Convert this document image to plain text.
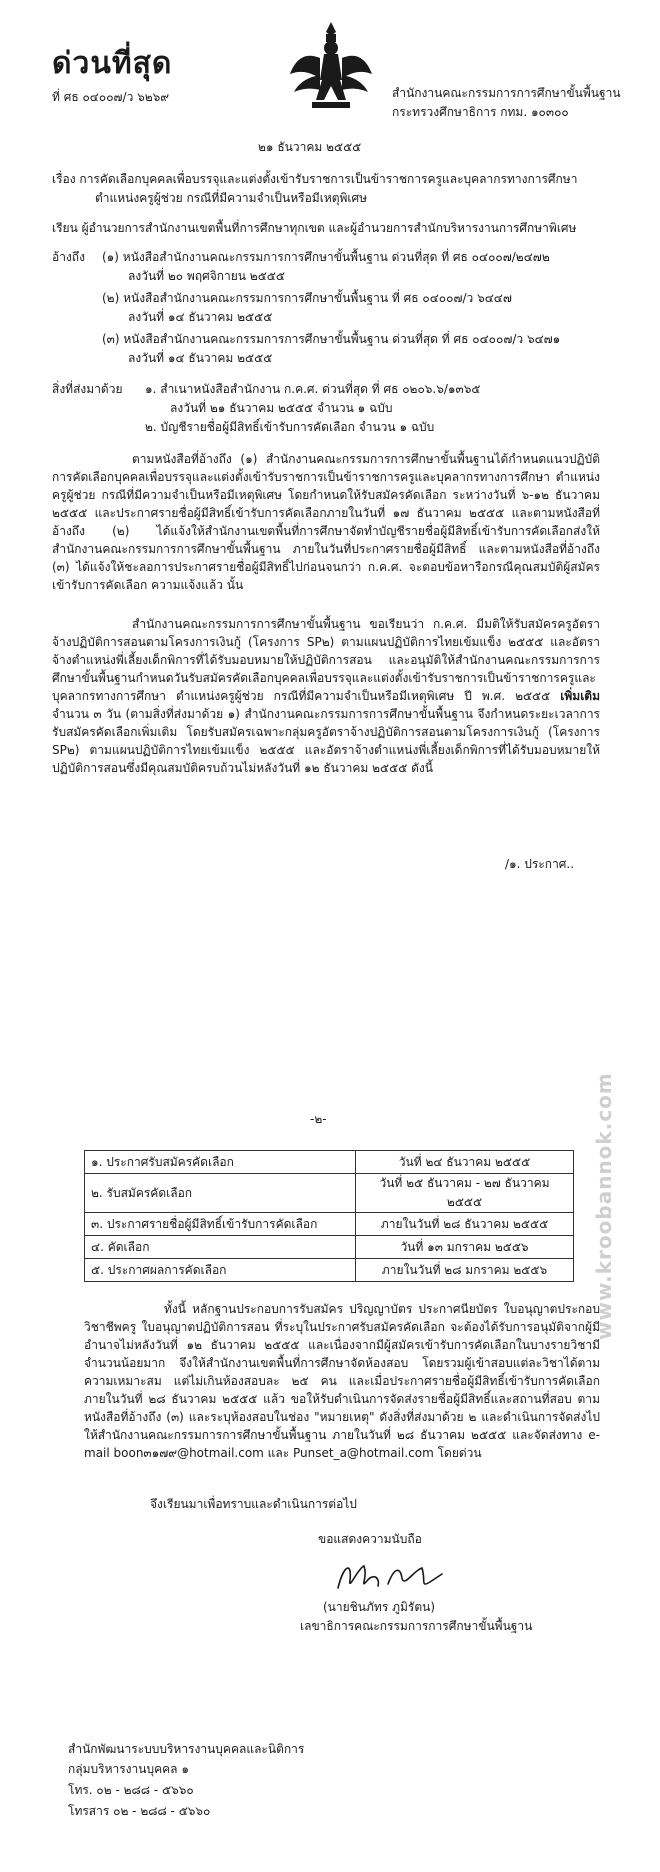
ด่วนที่สุด
ที่ ศธ ๐๔๐๐๗/ว ๖๒๖๙	สำนักงานคณะกรรมการการศึกษาขั้นพื้นฐาน
กระทรวงศึกษาธิการ กทม. ๑๐๓๐๐
๒๑ ธันวาคม ๒๕๕๕
เรื่อง การคัดเลือกบุคคลเพื่อบรรจุและแต่งตั้งเข้ารับราชการเป็นข้าราชการครูและบุคลากรทางการศึกษา
ตำแหน่งครูผู้ช่วย กรณีที่มีความจำเป็นหรือมีเหตุพิเศษ
เรียน ผู้อำนวยการสำนักงานเขตพื้นที่การศึกษาทุกเขต และผู้อำนวยการสำนักบริหารงานการศึกษาพิเศษ
อ้างถึง (๑) หนังสือสำนักงานคณะกรรมการการศึกษาขั้นพื้นฐาน ด่วนที่สุด ที่ ศธ ๐๔๐๐๗/๒๔๗๒
ลงวันที่ ๒๐ พฤศจิกายน ๒๕๕๕
(๒) หนังสือสำนักงานคณะกรรมการการศึกษาขั้นพื้นฐาน ที่ ศธ ๐๔๐๐๗/ว ๖๔๔๗
ลงวันที่ ๑๔ ธันวาคม ๒๕๕๕
(๓) หนังสือสำนักงานคณะกรรมการการศึกษาขั้นพื้นฐาน ด่วนที่สุด ที่ ศธ ๐๔๐๐๗/ว ๖๔๗๑
ลงวันที่ ๑๔ ธันวาคม ๒๕๕๕
สิ่งที่ส่งมาด้วย ๑. สำเนาหนังสือสำนักงาน ก.ค.ศ. ด่วนที่สุด ที่ ศธ ๐๒๐๖.๖/๑๓๖๕
ลงวันที่ ๒๑ ธันวาคม ๒๕๕๕ จำนวน ๑ ฉบับ
๒. บัญชีรายชื่อผู้มีสิทธิ์เข้ารับการคัดเลือก จำนวน ๑ ฉบับ
ตามหนังสือที่อ้างถึง (๑) สำนักงานคณะกรรมการการศึกษาขั้นพื้นฐานได้กำหนดแนวปฏิบัติการคัดเลือกบุคคลเพื่อบรรจุและแต่งตั้งเข้ารับราชการเป็นข้าราชการครูและบุคลากรทางการศึกษา ตำแหน่งครูผู้ช่วย กรณีที่มีความจำเป็นหรือมีเหตุพิเศษ โดยกำหนดให้รับสมัครคัดเลือก ระหว่างวันที่ ๖-๑๒ ธันวาคม ๒๕๕๕ และประกาศรายชื่อผู้มีสิทธิ์เข้ารับการคัดเลือกภายในวันที่ ๑๗ ธันวาคม ๒๕๕๕ และตามหนังสือที่อ้างถึง (๒) ได้แจ้งให้สำนักงานเขตพื้นที่การศึกษาจัดทำบัญชีรายชื่อผู้มีสิทธิ์เข้ารับการคัดเลือกส่งให้สำนักงานคณะกรรมการการศึกษาขั้นพื้นฐาน ภายในวันที่ประกาศรายชื่อผู้มีสิทธิ์ และตามหนังสือที่อ้างถึง (๓) ได้แจ้งให้ชะลอการประกาศรายชื่อผู้มีสิทธิ์ไปก่อนจนกว่า ก.ค.ศ. จะตอบข้อหารือกรณีคุณสมบัติผู้สมัครเข้ารับการคัดเลือก ความแจ้งแล้ว นั้น
สำนักงานคณะกรรมการการศึกษาขั้นพื้นฐาน ขอเรียนว่า ก.ค.ศ. มีมติให้รับสมัครครูอัตราจ้างปฏิบัติการสอนตามโครงการเงินกู้ (โครงการ SP๒) ตามแผนปฏิบัติการไทยเข้มแข็ง ๒๕๕๕ และอัตราจ้างตำแหน่งพี่เลี้ยงเด็กพิการที่ได้รับมอบหมายให้ปฏิบัติการสอน และอนุมัติให้สำนักงานคณะกรรมการการศึกษาขั้นพื้นฐานกำหนดวันรับสมัครคัดเลือกบุคคลเพื่อบรรจุและแต่งตั้งเข้ารับราชการเป็นข้าราชการครูและบุคลากรทางการศึกษา ตำแหน่งครูผู้ช่วย กรณีที่มีความจำเป็นหรือมีเหตุพิเศษ ปี พ.ศ. ๒๕๕๕ เพิ่มเติม จำนวน ๓ วัน (ตามสิ่งที่ส่งมาด้วย ๑) สำนักงานคณะกรรมการการศึกษาขั้นพื้นฐาน จึงกำหนดระยะเวลาการรับสมัครคัดเลือกเพิ่มเติม โดยรับสมัครเฉพาะกลุ่มครูอัตราจ้างปฏิบัติการสอนตามโครงการเงินกู้ (โครงการ SP๒) ตามแผนปฏิบัติการไทยเข้มแข็ง ๒๕๕๕ และอัตราจ้างตำแหน่งพี่เลี้ยงเด็กพิการที่ได้รับมอบหมายให้ปฏิบัติการสอนซึ่งมีคุณสมบัติครบถ้วนไม่หลังวันที่ ๑๒ ธันวาคม ๒๕๕๕ ดังนี้
/๑. ประกาศ..
www.kroobannok.com
-๒-
๑. ประกาศรับสมัครคัดเลือก	วันที่ ๒๔ ธันวาคม ๒๕๕๕
๒. รับสมัครคัดเลือก	วันที่ ๒๕ ธันวาคม - ๒๗ ธันวาคม ๒๕๕๕
๓. ประกาศรายชื่อผู้มีสิทธิ์เข้ารับการคัดเลือก	ภายในวันที่ ๒๘ ธันวาคม ๒๕๕๕
๔. คัดเลือก	วันที่ ๑๓ มกราคม ๒๕๕๖
๕. ประกาศผลการคัดเลือก	ภายในวันที่ ๒๘ มกราคม ๒๕๕๖
ทั้งนี้ หลักฐานประกอบการรับสมัคร ปริญญาบัตร ประกาศนียบัตร ใบอนุญาตประกอบวิชาชีพครู ใบอนุญาตปฏิบัติการสอน ที่ระบุในประกาศรับสมัครคัดเลือก จะต้องได้รับการอนุมัติจากผู้มีอำนาจไม่หลังวันที่ ๑๒ ธันวาคม ๒๕๕๕ และเนื่องจากมีผู้สมัครเข้ารับการคัดเลือกในบางรายวิชามีจำนวนน้อยมาก จึงให้สำนักงานเขตพื้นที่การศึกษาจัดห้องสอบ โดยรวมผู้เข้าสอบแต่ละวิชาได้ตามความเหมาะสม แต่ไม่เกินห้องสอบละ ๒๕ คน และเมื่อประกาศรายชื่อผู้มีสิทธิ์เข้ารับการคัดเลือก ภายในวันที่ ๒๘ ธันวาคม ๒๕๕๕ แล้ว ขอให้รับดำเนินการจัดส่งรายชื่อผู้มีสิทธิ์และสถานที่สอบ ตามหนังสือที่อ้างถึง (๓) และระบุห้องสอบในช่อง "หมายเหตุ" ดังสิ่งที่ส่งมาด้วย ๒ และดำเนินการจัดส่งไปให้สำนักงานคณะกรรมการการศึกษาขั้นพื้นฐาน ภายในวันที่ ๒๘ ธันวาคม ๒๕๕๕ และจัดส่งทาง e-mail boon๓๑๗๙@hotmail.com และ Punset_a@hotmail.com โดยด่วน
จึงเรียนมาเพื่อทราบและดำเนินการต่อไป
ขอแสดงความนับถือ
(นายชินภัทร ภูมิรัตน)
เลขาธิการคณะกรรมการการศึกษาขั้นพื้นฐาน
สำนักพัฒนาระบบบริหารงานบุคคลและนิติการ
กลุ่มบริหารงานบุคคล ๑
โทร. ๐๒ - ๒๘๘ - ๕๖๖๐
โทรสาร ๐๒ - ๒๘๘ - ๕๖๖๐
